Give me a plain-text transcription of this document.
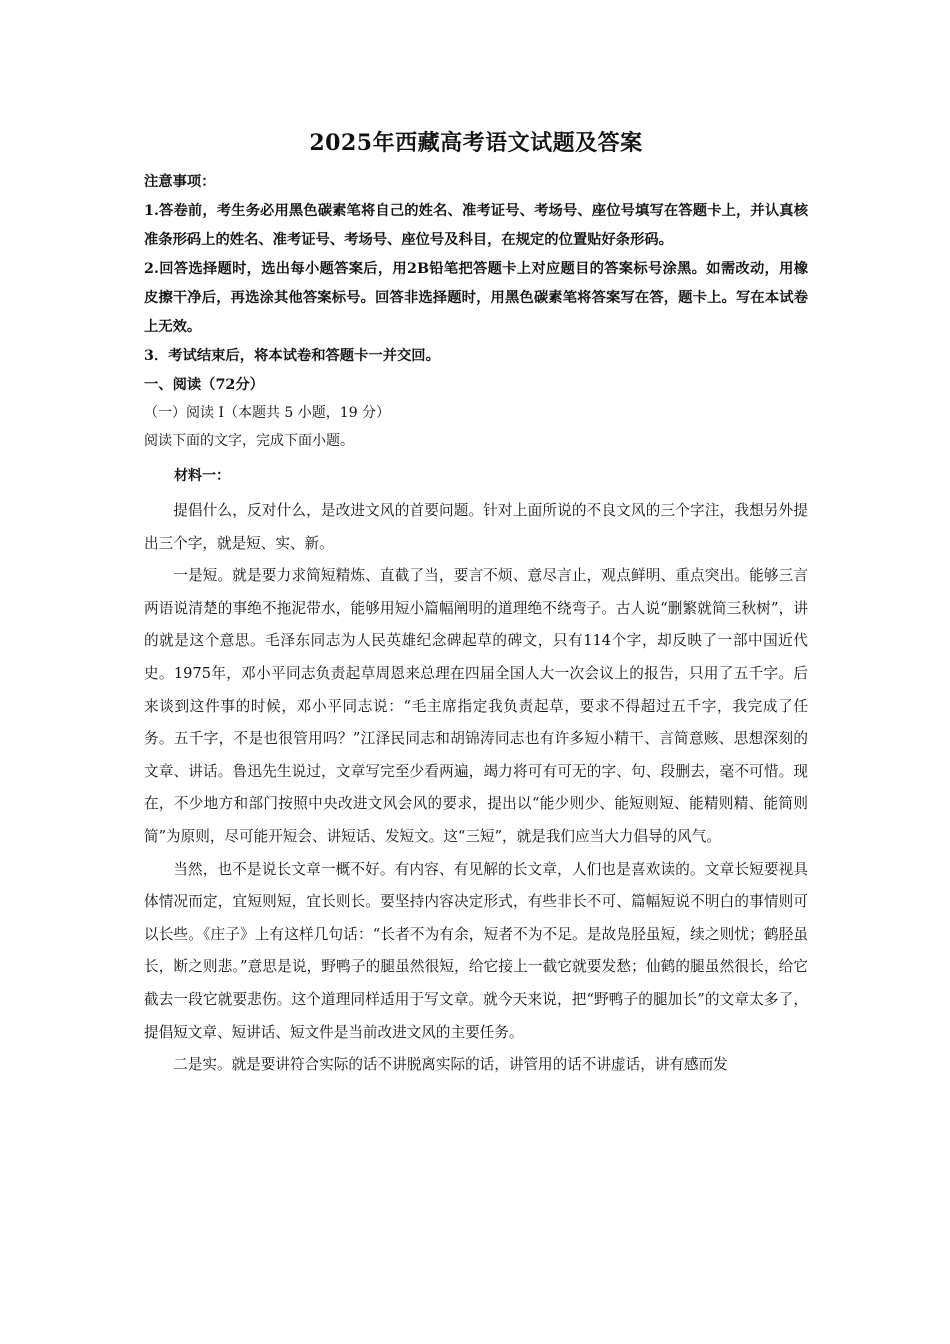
2025年西藏高考语文试题及答案

注意事项：

1.答卷前，考生务必用黑色碳素笔将自己的姓名、准考证号、考场号、座位号填写在答题卡上，并认真核准条形码上的姓名、准考证号、考场号、座位号及科目，在规定的位置贴好条形码。

2.回答选择题时，选出每小题答案后，用2B铅笔把答题卡上对应题目的答案标号涂黑。如需改动，用橡皮擦干净后，再选涂其他答案标号。回答非选择题时，用黑色碳素笔将答案写在答，题卡上。写在本试卷上无效。

3．考试结束后，将本试卷和答题卡一并交回。

一、阅读（72分）

（一）阅读 I（本题共 5 小题，19 分）

阅读下面的文字，完成下面小题。

材料一：

提倡什么，反对什么，是改进文风的首要问题。针对上面所说的不良文风的三个字注，我想另外提出三个字，就是短、实、新。

一是短。就是要力求简短精炼、直截了当，要言不烦、意尽言止，观点鲜明、重点突出。能够三言两语说清楚的事绝不拖泥带水，能够用短小篇幅阐明的道理绝不绕弯子。古人说“删繁就简三秋树”，讲的就是这个意思。毛泽东同志为人民英雄纪念碑起草的碑文，只有114个字，却反映了一部中国近代史。1975年，邓小平同志负责起草周恩来总理在四届全国人大一次会议上的报告，只用了五千字。后来谈到这件事的时候，邓小平同志说：“毛主席指定我负责起草，要求不得超过五千字，我完成了任务。五千字，不是也很管用吗？”江泽民同志和胡锦涛同志也有许多短小精干、言简意赅、思想深刻的文章、讲话。鲁迅先生说过，文章写完至少看两遍，竭力将可有可无的字、句、段删去，毫不可惜。现在，不少地方和部门按照中央改进文风会风的要求，提出以“能少则少、能短则短、能精则精、能简则简”为原则，尽可能开短会、讲短话、发短文。这“三短”，就是我们应当大力倡导的风气。

当然，也不是说长文章一概不好。有内容、有见解的长文章，人们也是喜欢读的。文章长短要视具体情况而定，宜短则短，宜长则长。要坚持内容决定形式，有些非长不可、篇幅短说不明白的事情则可以长些。《庄子》上有这样几句话：“长者不为有余，短者不为不足。是故凫胫虽短，续之则忧；鹤胫虽长，断之则悲。”意思是说，野鸭子的腿虽然很短，给它接上一截它就要发愁；仙鹤的腿虽然很长，给它截去一段它就要悲伤。这个道理同样适用于写文章。就今天来说，把“野鸭子的腿加长”的文章太多了，提倡短文章、短讲话、短文件是当前改进文风的主要任务。

二是实。就是要讲符合实际的话不讲脱离实际的话，讲管用的话不讲虚话，讲有感而发
